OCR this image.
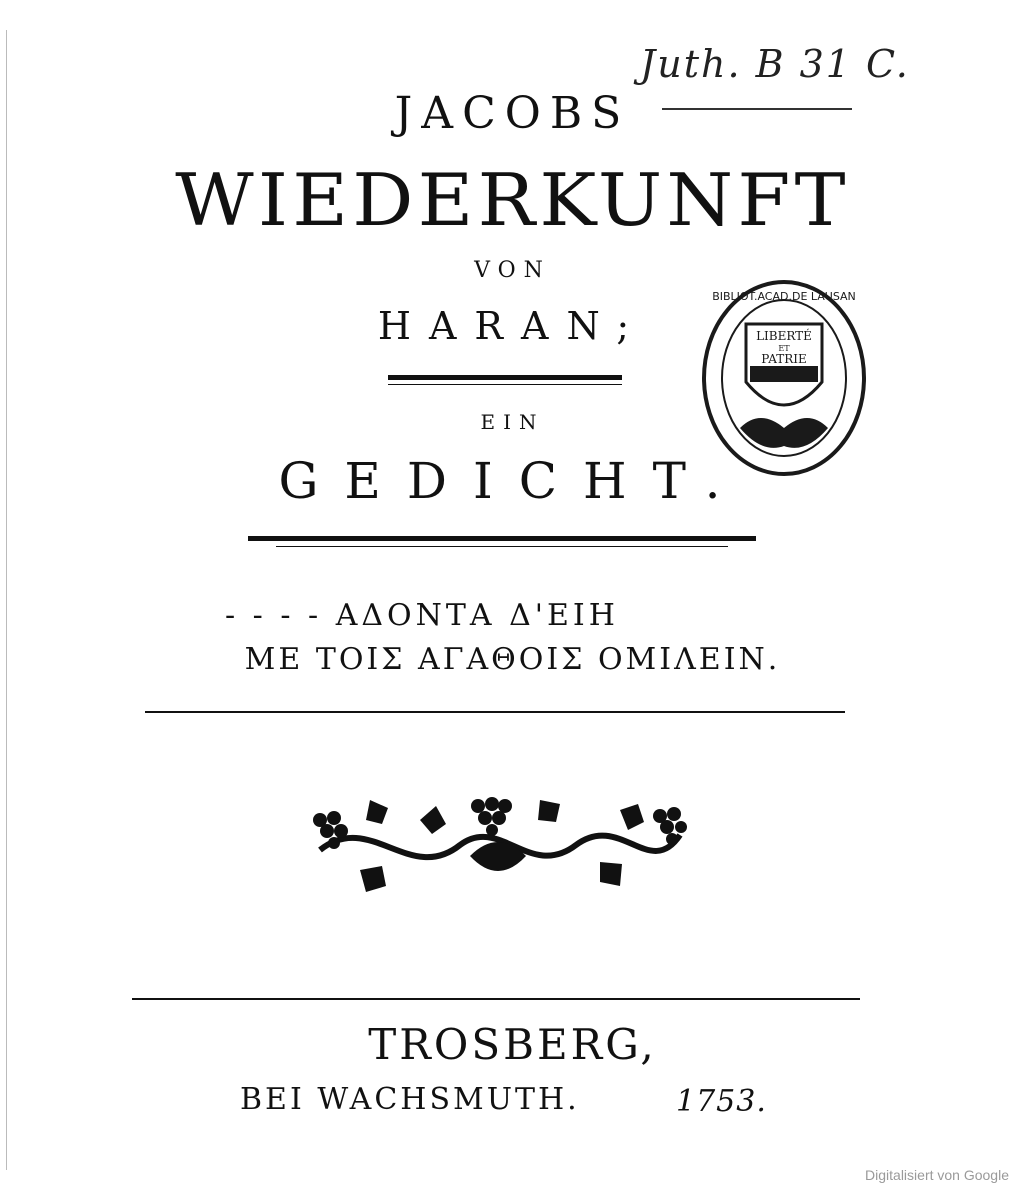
Juth. B 31 C.
JACOBS
WIEDERKUNFT
VON
HARAN;
EIN
GEDICHT.
- - - - ΑΔΟΝΤΑ Δ'ΕΙΗ
ΜΕ ΤΟΙΣ ΑΓΑΘΟΙΣ ΟΜΙΛΕΙΝ.
BIBLIOT.ACAD.DE LAUSAN
LIBERTÉ
ET
PATRIE
TROSBERG,
BEI WACHSMUTH.	1753.
Digitalisiert von Google
